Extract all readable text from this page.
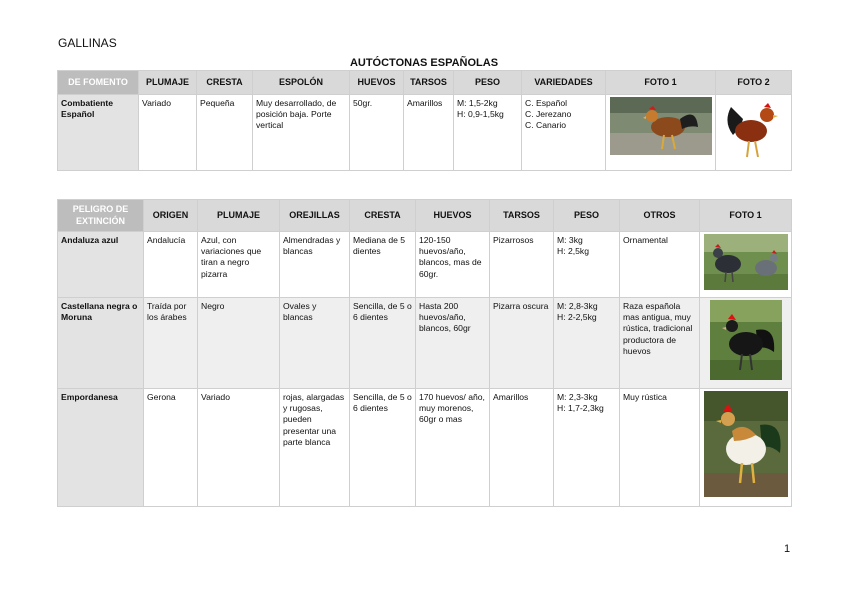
GALLINAS
AUTÓCTONAS ESPAÑOLAS
DE FOMENTO	PLUMAJE	CRESTA	ESPOLÓN	HUEVOS	TARSOS	PESO	VARIEDADES	FOTO 1	FOTO 2
Combatiente Español	Variado	Pequeña	Muy desarrollado, de posición baja. Porte vertical	50gr.	Amarillos	M: 1,5-2kg
H: 0,9-1,5kg	C. Español
C. Jerezano
C. Canario	

PELIGRO DE EXTINCIÓN	ORIGEN	PLUMAJE	OREJILLAS	CRESTA	HUEVOS	TARSOS	PESO	OTROS	FOTO 1
Andaluza azul	Andalucía	Azul, con variaciones que tiran a negro pizarra	Almendradas y blancas	Mediana de 5 dientes	120-150 huevos/año, blancos, mas de 60gr.	Pizarrosos	M: 3kg
H: 2,5kg	Ornamental	

Castellana negra o Moruna	Traída por los árabes	Negro	Ovales y blancas	Sencilla, de 5 o 6 dientes	Hasta 200 huevos/año, blancos, 60gr	Pizarra oscura	M: 2,8-3kg
H: 2-2,5kg	Raza española mas antigua, muy rústica, tradicional productora de huevos	

Empordanesa	Gerona	Variado	rojas, alargadas y rugosas, pueden presentar una parte blanca	Sencilla, de 5 o 6 dientes	170 huevos/ año, muy morenos, 60gr o mas	Amarillos	M: 2,3-3kg
H: 1,7-2,3kg	Muy rústica	
1
